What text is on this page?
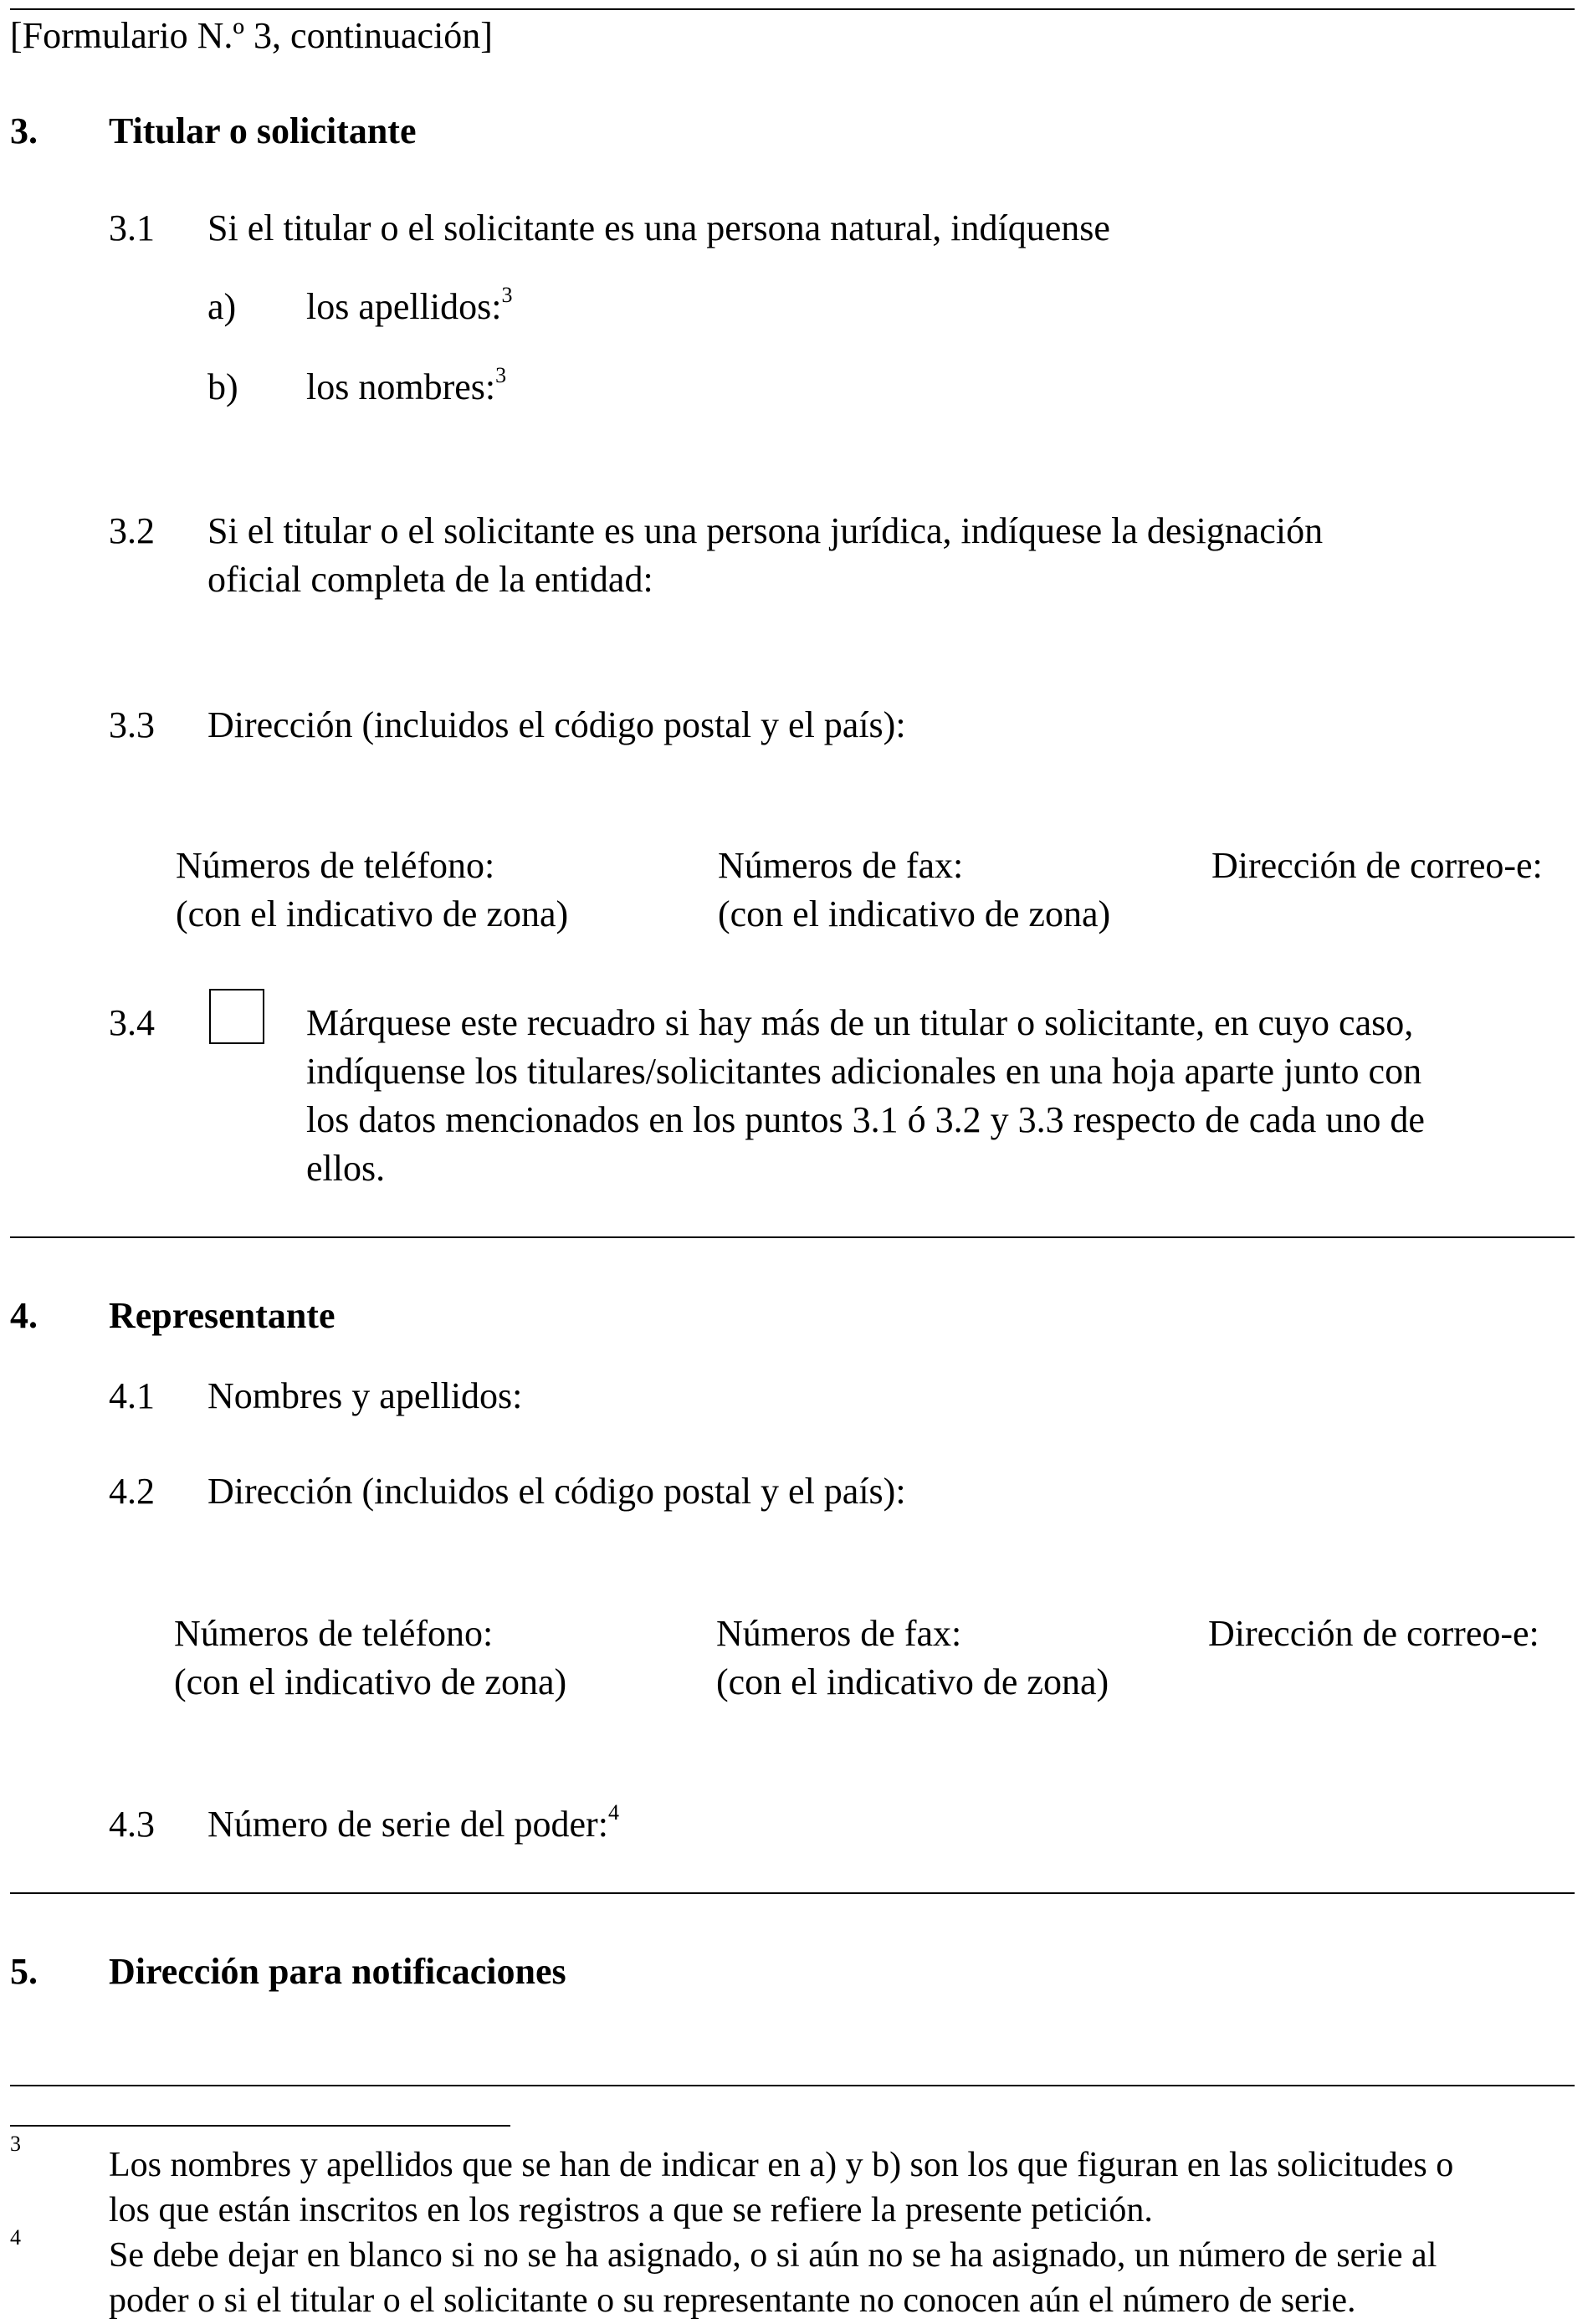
[Formulario N.º 3, continuación]
3. Titular o solicitante
3.1 Si el titular o el solicitante es una persona natural, indíquense
a) los apellidos:$^3$
b) los nombres:$^3$
3.2 Si el titular o el solicitante es una persona jurídica, indíquese la designación
oficial completa de la entidad:
3.3 Dirección (incluidos el código postal y el país):
Números de teléfono:
(con el indicativo de zona)
Números de fax:
(con el indicativo de zona)
Dirección de correo-e:
3.4	Márquese este recuadro si hay más de un titular o solicitante, en cuyo caso,
indíquense los titulares/solicitantes adicionales en una hoja aparte junto con
los datos mencionados en los puntos 3.1 ó 3.2 y 3.3 respecto de cada uno de
ellos.
4. Representante
4.1 Nombres y apellidos:
4.2 Dirección (incluidos el código postal y el país):
Números de teléfono:
(con el indicativo de zona)
Números de fax:
(con el indicativo de zona)
Dirección de correo-e:
4.3 Número de serie del poder:$^4$
5. Dirección para notificaciones
3
Los nombres y apellidos que se han de indicar en a) y b) son los que figuran en las solicitudes o
los que están inscritos en los registros a que se refiere la presente petición.
4	Se debe dejar en blanco si no se ha asignado, o si aún no se ha asignado, un número de serie al
poder o si el titular o el solicitante o su representante no conocen aún el número de serie.
